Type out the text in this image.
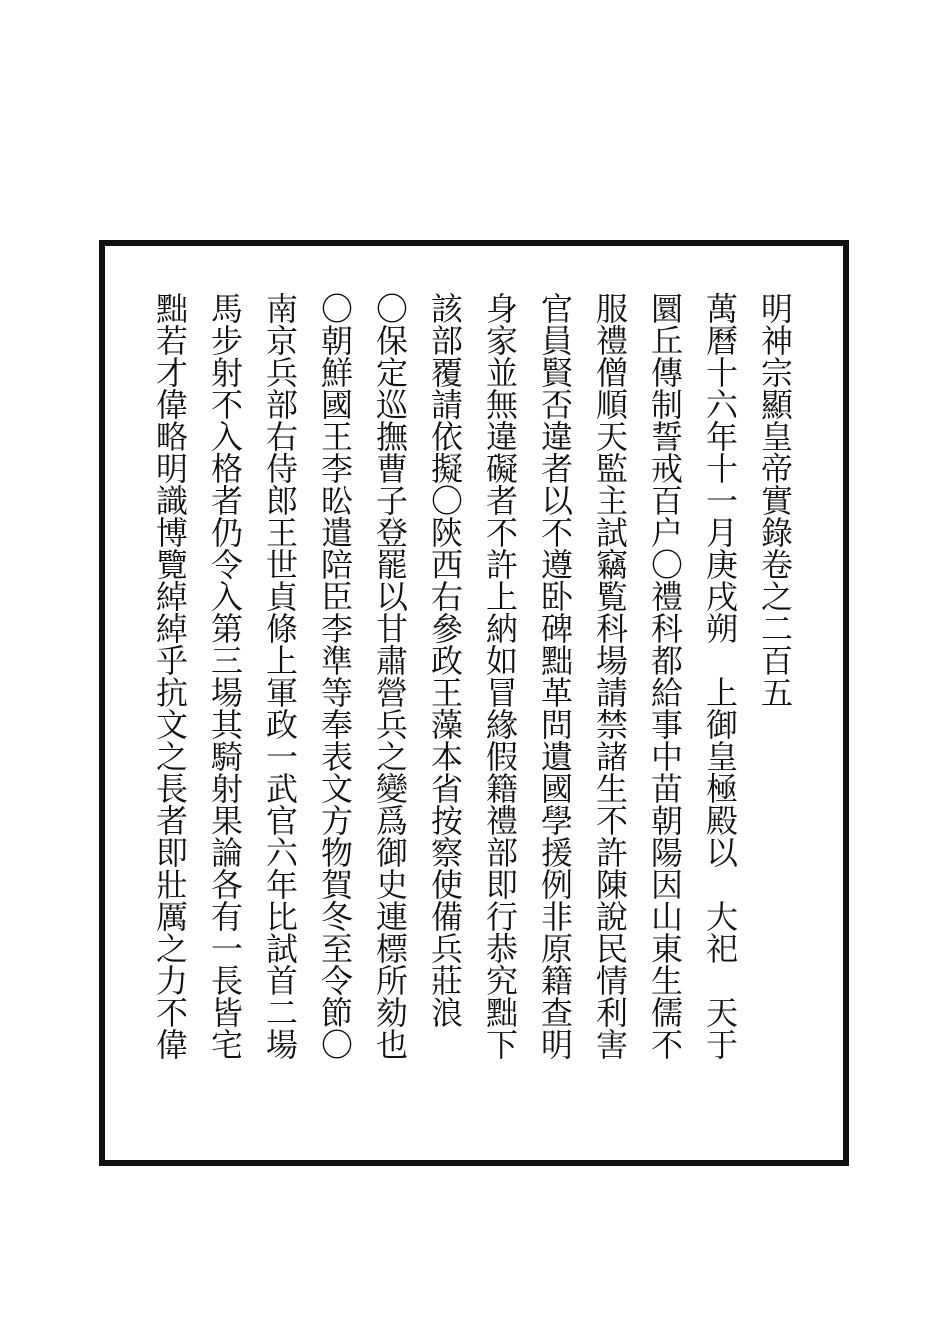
明神宗顯皇帝實錄卷之二百五
萬曆十六年十一月庚戌朔　上御皇極殿以　大祀　天于
圜丘傳制誓戒百户〇禮科都給事中苗朝陽因山東生儒不
服禮僧順天監主試竊覧科場請禁諸生不許陳說民情利害
官員賢否違者以不遵卧碑黜革問遺國學援例非原籍查明
身家並無違礙者不許上納如冒緣假籍禮部即行恭究黜下
該部覆請依擬〇陝西右參政王藻本省按察使備兵莊浪
〇保定巡撫曹子登罷以甘肅營兵之變爲御史連標所劾也
〇朝鮮國王李昖遣陪臣李準等奉表文方物賀冬至令節〇
南京兵部右侍郎王世貞條上軍政一武官六年比試首二場
馬步射不入格者仍令入第三場其騎射果論各有一長皆宅
黜若才偉略明識博覽綽綽乎抗文之長者即壯厲之力不偉
